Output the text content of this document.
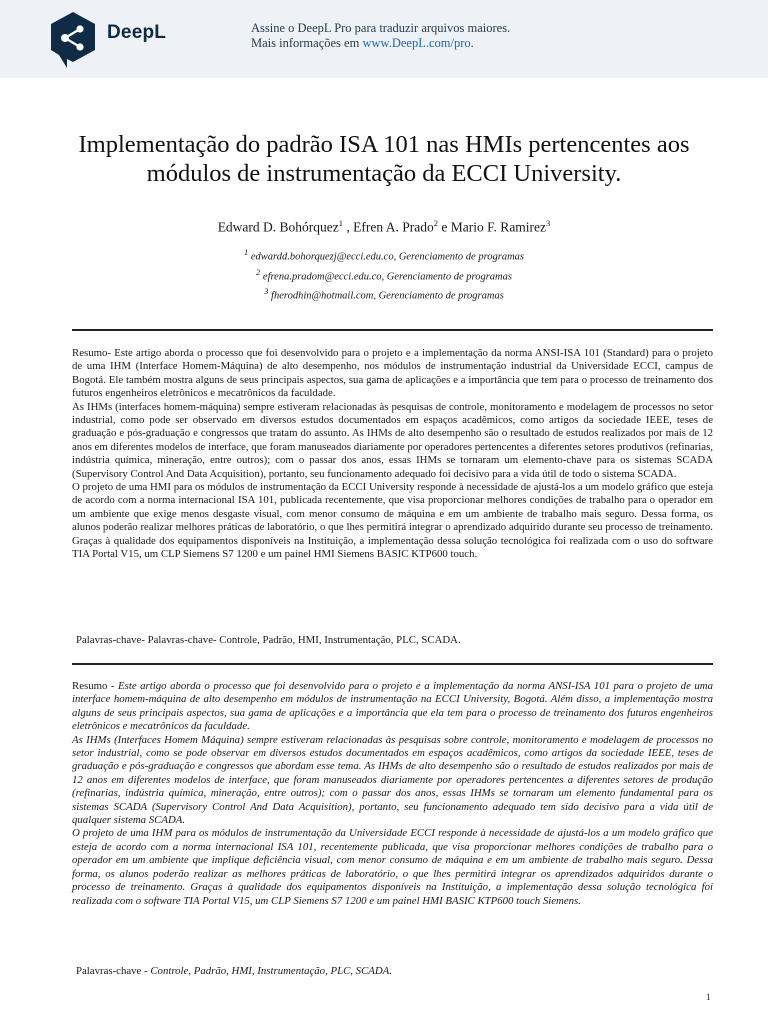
DeepL	Assine o DeepL Pro para traduzir arquivos maiores.
Mais informações em www.DeepL.com/pro.
Implementação do padrão ISA 101 nas HMIs pertencentes aos
módulos de instrumentação da ECCI University.
Edward D. Bohórquez$^1$ , Efren A. Prado$^2$ e Mario F. Ramirez$^3$
$^1$ edwardd.bohorquezj@ecci.edu.co, Gerenciamento de programas
$^2$ efrena.pradom@ecci.edu.co, Gerenciamento de programas
$^3$ fherodhin@hotmail.com, Gerenciamento de programas

Resumo- Este artigo aborda o processo que foi desenvolvido para o projeto e a implementação da norma ANSI-ISA 101 (Standard) para o projeto de uma IHM (Interface Homem-Máquina) de alto desempenho, nos módulos de instrumentação industrial da Universidade ECCI, campus de Bogotá. Ele também mostra alguns de seus principais aspectos, sua gama de aplicações e a importância que tem para o processo de treinamento dos futuros engenheiros eletrônicos e mecatrônicos da faculdade.

As IHMs (interfaces homem-máquina) sempre estiveram relacionadas às pesquisas de controle, monitoramento e modelagem de processos no setor industrial, como pode ser observado em diversos estudos documentados em espaços acadêmicos, como artigos da sociedade IEEE, teses de graduação e pós-graduação e congressos que tratam do assunto. As IHMs de alto desempenho são o resultado de estudos realizados por mais de 12 anos em diferentes modelos de interface, que foram manuseados diariamente por operadores pertencentes a diferentes setores produtivos (refinarias, indústria química, mineração, entre outros); com o passar dos anos, essas IHMs se tornaram um elemento-chave para os sistemas SCADA (Supervisory Control And Data Acquisition), portanto, seu funcionamento adequado foi decisivo para a vida útil de todo o sistema SCADA.

O projeto de uma HMI para os módulos de instrumentação da ECCI University responde à necessidade de ajustá-los a um modelo gráfico que esteja de acordo com a norma internacional ISA 101, publicada recentemente, que visa proporcionar melhores condições de trabalho para o operador em um ambiente que exige menos desgaste visual, com menor consumo de máquina e em um ambiente de trabalho mais seguro. Dessa forma, os alunos poderão realizar melhores práticas de laboratório, o que lhes permitirá integrar o aprendizado adquirido durante seu processo de treinamento. Graças à qualidade dos equipamentos disponíveis na Instituição, a implementação dessa solução tecnológica foi realizada com o uso do software TIA Portal V15, um CLP Siemens S7 1200 e um painel HMI Siemens BASIC KTP600 touch.

Palavras-chave- Palavras-chave- Controle, Padrão, HMI, Instrumentação, PLC, SCADA.

Resumo - Este artigo aborda o processo que foi desenvolvido para o projeto e a implementação da norma ANSI-ISA 101 para o projeto de uma interface homem-máquina de alto desempenho em módulos de instrumentação na ECCI University, Bogotá. Além disso, a implementação mostra alguns de seus principais aspectos, sua gama de aplicações e a importância que ela tem para o processo de treinamento dos futuros engenheiros eletrônicos e mecatrônicos da faculdade.

As IHMs (Interfaces Homem Máquina) sempre estiveram relacionadas às pesquisas sobre controle, monitoramento e modelagem de processos no setor industrial, como se pode observar em diversos estudos documentados em espaços acadêmicos, como artigos da sociedade IEEE, teses de graduação e pós-graduação e congressos que abordam esse tema. As IHMs de alto desempenho são o resultado de estudos realizados por mais de 12 anos em diferentes modelos de interface, que foram manuseados diariamente por operadores pertencentes a diferentes setores de produção (refinarias, indústria química, mineração, entre outros); com o passar dos anos, essas IHMs se tornaram um elemento fundamental para os sistemas SCADA (Supervisory Control And Data Acquisition), portanto, seu funcionamento adequado tem sido decisivo para a vida útil de qualquer sistema SCADA.

O projeto de uma IHM para os módulos de instrumentação da Universidade ECCI responde à necessidade de ajustá-los a um modelo gráfico que esteja de acordo com a norma internacional ISA 101, recentemente publicada, que visa proporcionar melhores condições de trabalho para o operador em um ambiente que implique deficiência visual, com menor consumo de máquina e em um ambiente de trabalho mais seguro. Dessa forma, os alunos poderão realizar as melhores práticas de laboratório, o que lhes permitirá integrar os aprendizados adquiridos durante o processo de treinamento. Graças à qualidade dos equipamentos disponíveis na Instituição, a implementação dessa solução tecnológica foi realizada com o software TIA Portal V15, um CLP Siemens S7 1200 e um painel HMI BASIC KTP600 touch Siemens.

Palavras-chave - Controle, Padrão, HMI, Instrumentação, PLC, SCADA.
1
